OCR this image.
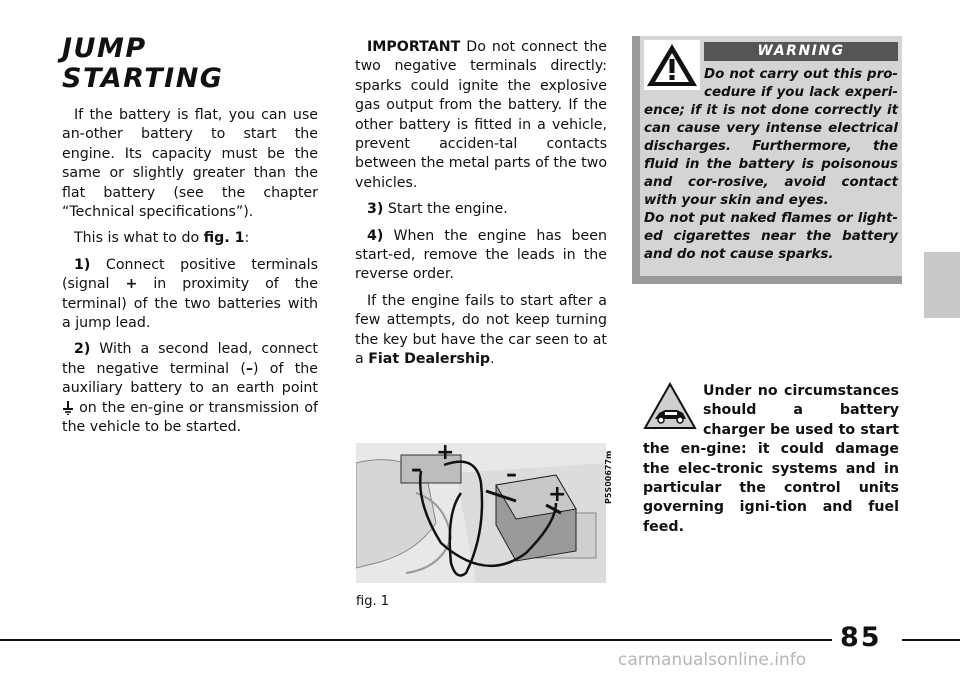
JUMP STARTING

If the battery is flat, you can use an-other battery to start the engine. Its capacity must be the same or slightly greater than the flat battery (see the chapter “Technical specifications”).

This is what to do fig. 1:

1) Connect positive terminals (signal + in proximity of the terminal) of the two batteries with a jump lead.

2) With a second lead, connect the negative terminal (–) of the auxiliary battery to an earth point  on the en-gine or transmission of the vehicle to be started.

IMPORTANT Do not connect the two negative terminals directly: sparks could ignite the explosive gas output from the battery. If the other battery is fitted in a vehicle, prevent acciden-tal contacts between the metal parts of the two vehicles.

3) Start the engine.

4) When the engine has been start-ed, remove the leads in the reverse order.

If the engine fails to start after a few attempts, do not keep turning the key but have the car seen to at a Fiat Dealership.

WARNING

Do not carry out this pro-cedure if you lack experi-ence; if it is not done correctly it can cause very intense electrical discharges. Furthermore, the fluid in the battery is poisonous and cor-rosive, avoid contact with your skin and eyes.

Do not put naked flames or light-ed cigarettes near the battery and do not cause sparks.

Under no circumstances should a battery charger be used to start the en-gine: it could damage the elec-tronic systems and in particular the control units governing igni-tion and fuel feed.
–
+
–
+	P5S00677m
fig. 1
85
carmanualsonline.info
